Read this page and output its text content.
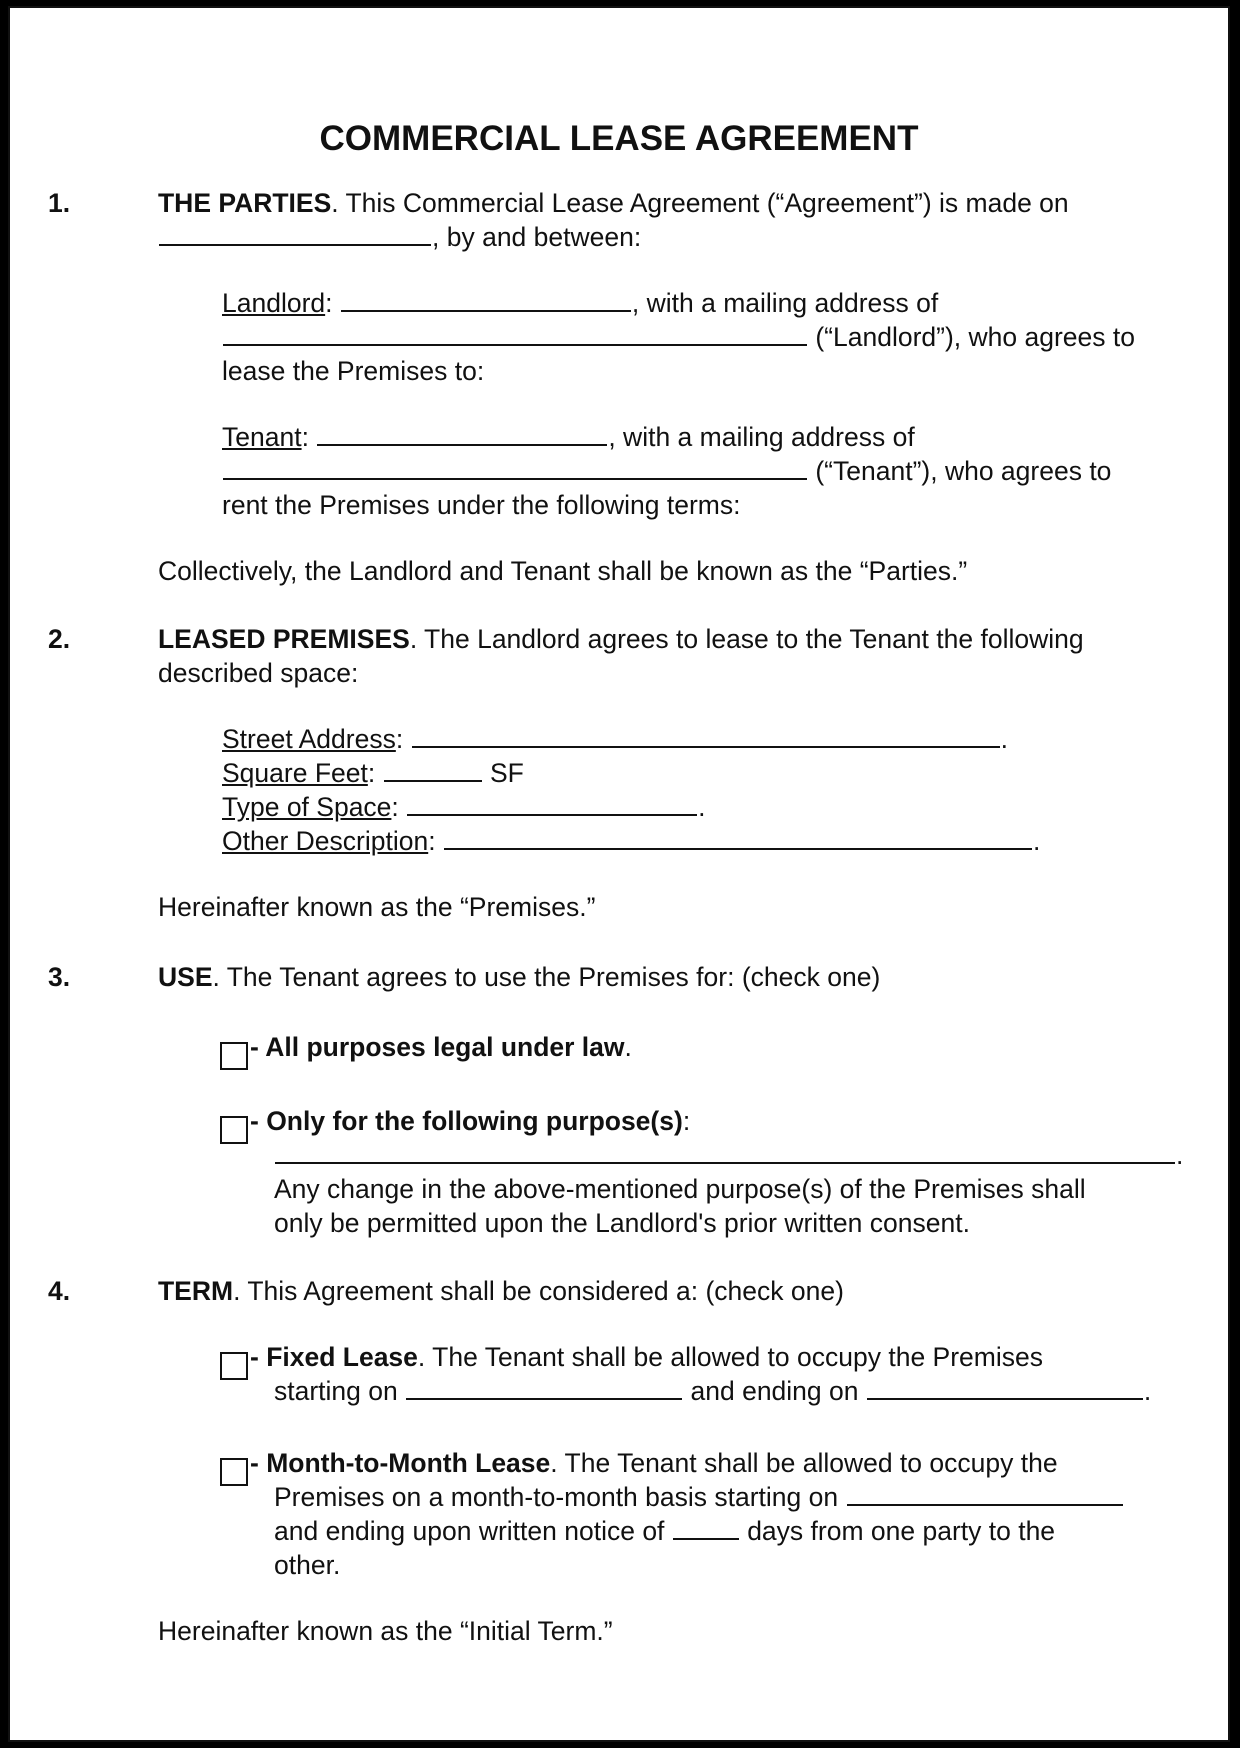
COMMERCIAL LEASE AGREEMENT
1.	THE PARTIES. This Commercial Lease Agreement (“Agreement”) is made on
, by and between:
Landlord:	, with a mailing address of
(“Landlord”), who agrees to
lease the Premises to:
Tenant:	, with a mailing address of
(“Tenant”), who agrees to
rent the Premises under the following terms:
Collectively, the Landlord and Tenant shall be known as the “Parties.”
2.	LEASED PREMISES. The Landlord agrees to lease to the Tenant the following
described space:
Street Address:	.
Square Feet:	SF
Type of Space:	.
Other Description:	.
Hereinafter known as the “Premises.”
3.	USE. The Tenant agrees to use the Premises for: (check one)
- All purposes legal under law.
- Only for the following purpose(s):
.
Any change in the above-mentioned purpose(s) of the Premises shall
only be permitted upon the Landlord's prior written consent.
4.	TERM. This Agreement shall be considered a: (check one)
- Fixed Lease. The Tenant shall be allowed to occupy the Premises
starting on	and ending on	.
- Month-to-Month Lease. The Tenant shall be allowed to occupy the
Premises on a month-to-month basis starting on
and ending upon written notice of	days from one party to the
other.
Hereinafter known as the “Initial Term.”
